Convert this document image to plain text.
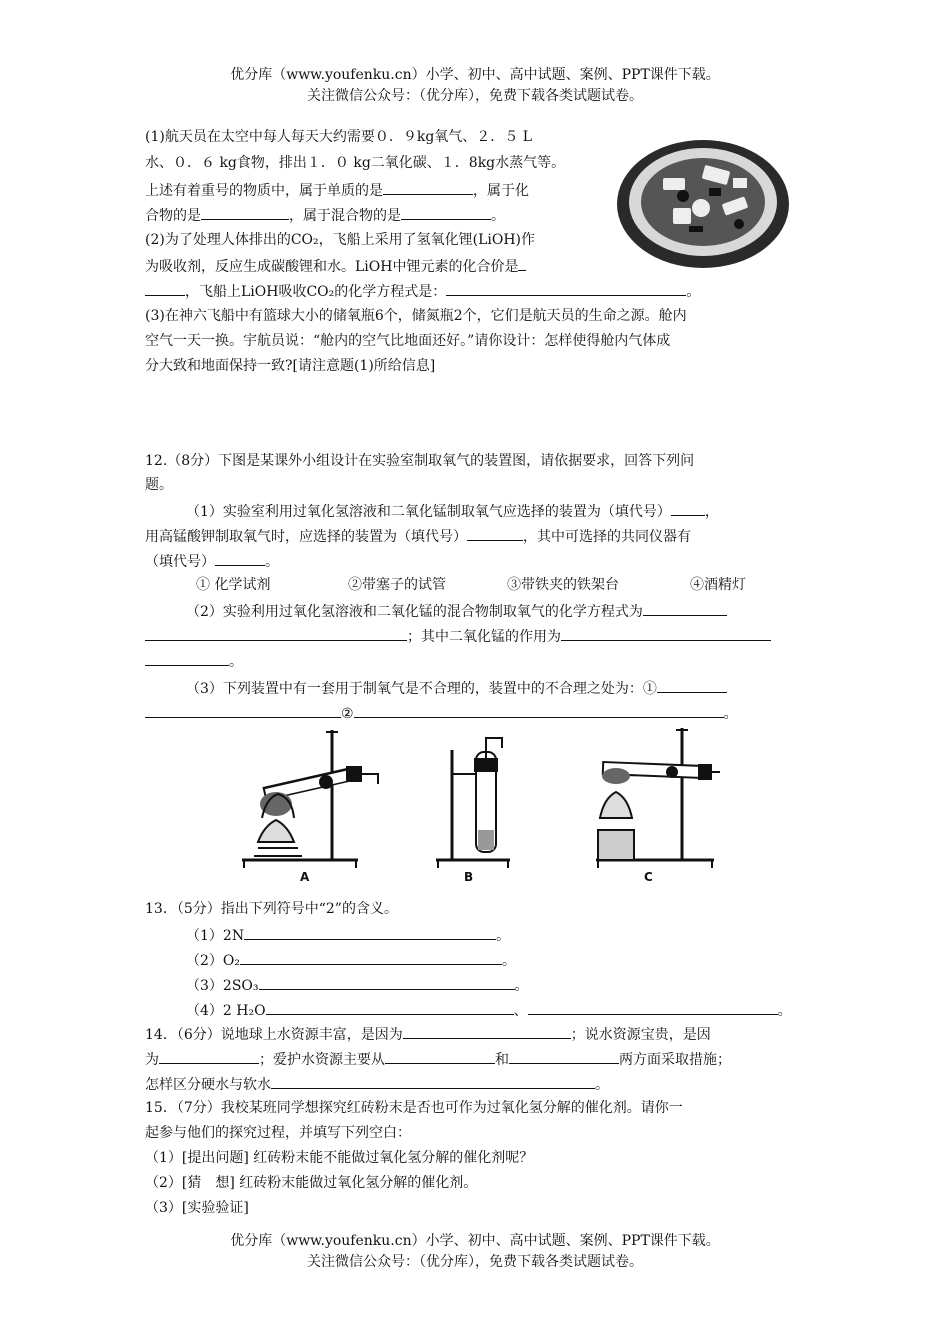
优分库（www.youfenku.cn）小学、初中、高中试题、案例、PPT课件下载。
关注微信公众号：（优分库），免费下载各类试题试卷。
(1)航天员在太空中每人每天大约需要０．９kg氧气、２．５ L
水、０．６ kg食物，排出１．０ kg二氧化碳、１．8kg水蒸气等。
上述有着重号的物质中，属于单质的是	，属于化
合物的是	，属于混合物的是	。
(2)为了处理人体排出的CO₂，飞船上采用了氢氧化锂(LiOH)作
为吸收剂，反应生成碳酸锂和水。LiOH中锂元素的化合价是
，飞船上LiOH吸收CO₂的化学方程式是：	。
(3)在神六飞船中有篮球大小的储氧瓶6个，储氮瓶2个，它们是航天员的生命之源。舱内
空气一天一换。宇航员说：“舱内的空气比地面还好。”请你设计：怎样使得舱内气体成
分大致和地面保持一致?[请注意题(1)所给信息]
12.（8分）下图是某课外小组设计在实验室制取氧气的装置图，请依据要求，回答下列问
题。
（1）实验室利用过氧化氢溶液和二氧化锰制取氧气应选择的装置为（填代号） ，
用高锰酸钾制取氧气时，应选择的装置为（填代号）	，其中可选择的共同仪器有
（填代号）	。
① 化学试剂	②带塞子的试管	③带铁夹的铁架台	④酒精灯
（2）实验利用过氧化氢溶液和二氧化锰的混合物制取氧气的化学方程式为
；其中二氧化锰的作用为
。
（3）下列装置中有一套用于制氧气是不合理的，装置中的不合理之处为：①
②	。
A	B	C
13．（5分）指出下列符号中“2”的含义。
（1）2N	。
（2）O₂	。
（3）2SO₃	。
（4）2 H₂O	、	。
14．（6分）说地球上水资源丰富，是因为	；说水资源宝贵，是因
为	；爱护水资源主要从	和	两方面采取措施；
怎样区分硬水与软水	。
15．（7分）我校某班同学想探究红砖粉末是否也可作为过氧化氢分解的催化剂。请你一
起参与他们的探究过程，并填写下列空白：
（1）[提出问题] 红砖粉末能不能做过氧化氢分解的催化剂呢？
（2）[猜　想] 红砖粉末能做过氧化氢分解的催化剂。
（3）[实验验证]
优分库（www.youfenku.cn）小学、初中、高中试题、案例、PPT课件下载。
关注微信公众号：（优分库），免费下载各类试题试卷。
